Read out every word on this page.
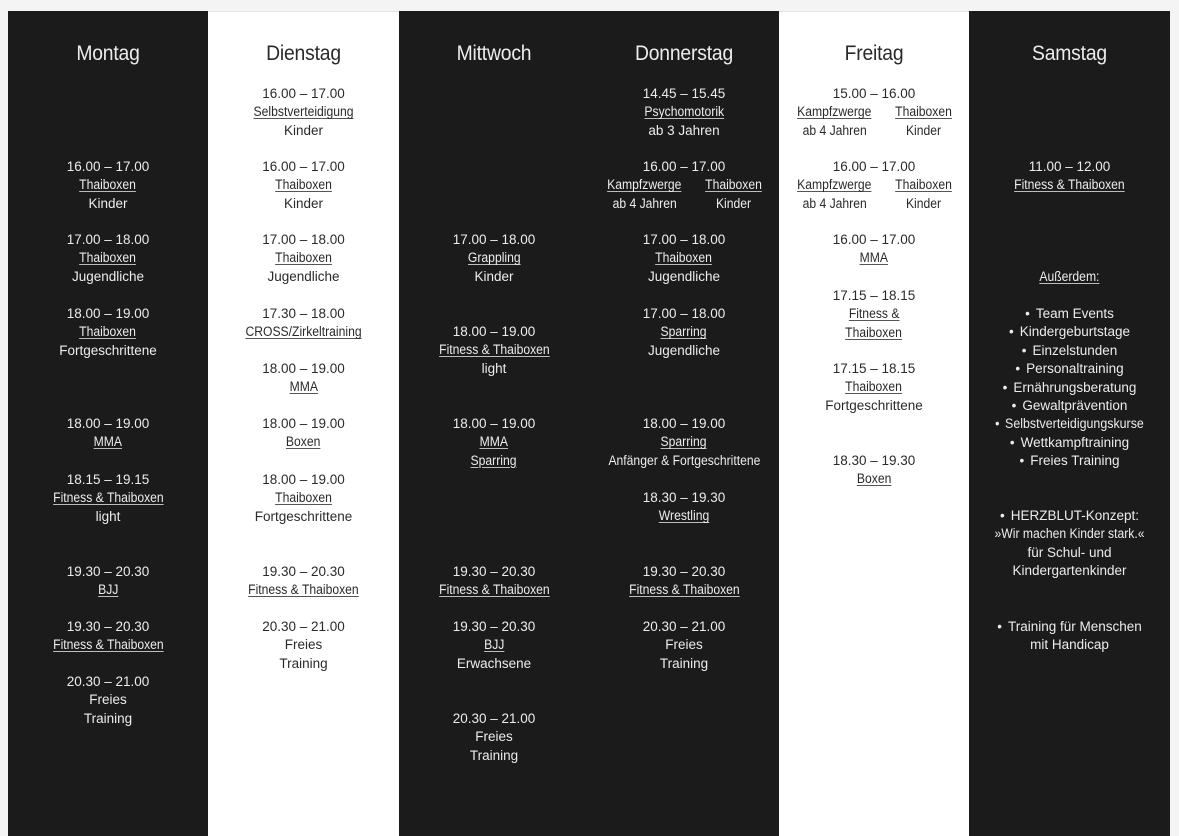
Montag
16.00 – 17.00
Thaiboxen
Kinder
17.00 – 18.00
Thaiboxen
Jugendliche
18.00 – 19.00
Thaiboxen
Fortgeschrittene
18.00 – 19.00
MMA
18.15 – 19.15
Fitness & Thaiboxen
light
19.30 – 20.30
BJJ
19.30 – 20.30
Fitness & Thaiboxen
20.30 – 21.00
Freies
Training
Dienstag
16.00 – 17.00
Selbstverteidigung
Kinder
16.00 – 17.00
Thaiboxen
Kinder
17.00 – 18.00
Thaiboxen
Jugendliche
17.30 – 18.00
CROSS/Zirkeltraining
18.00 – 19.00
MMA
18.00 – 19.00
Boxen
18.00 – 19.00
Thaiboxen
Fortgeschrittene
19.30 – 20.30
Fitness & Thaiboxen
20.30 – 21.00
Freies
Training
Mittwoch
17.00 – 18.00
Grappling
Kinder
18.00 – 19.00
Fitness & Thaiboxen
light
18.00 – 19.00
MMA
Sparring
19.30 – 20.30
Fitness & Thaiboxen
19.30 – 20.30
BJJ
Erwachsene
20.30 – 21.00
Freies
Training
Donnerstag
14.45 – 15.45
Psychomotorik
ab 3 Jahren
16.00 – 17.00
Kampfzwerge
ab 4 Jahren
Thaiboxen
Kinder
17.00 – 18.00
Thaiboxen
Jugendliche
17.00 – 18.00
Sparring
Jugendliche
18.00 – 19.00
Sparring
Anfänger & Fortgeschrittene
18.30 – 19.30
Wrestling
19.30 – 20.30
Fitness & Thaiboxen
20.30 – 21.00
Freies
Training
Freitag
15.00 – 16.00
Kampfzwerge
ab 4 Jahren
Thaiboxen
Kinder
16.00 – 17.00
Kampfzwerge
ab 4 Jahren
Thaiboxen
Kinder
16.00 – 17.00
MMA
17.15 – 18.15
Fitness &
Thaiboxen
17.15 – 18.15
Thaiboxen
Fortgeschrittene
18.30 – 19.30
Boxen
Samstag
11.00 – 12.00
Fitness & Thaiboxen
Außerdem:
• Team Events
• Kindergeburtstage
• Einzelstunden
• Personaltraining
• Ernährungsberatung
• Gewaltprävention
• Selbstverteidigungskurse
• Wettkampftraining
• Freies Training
• HERZBLUT-Konzept:
»Wir machen Kinder stark.«
für Schul- und
Kindergartenkinder
• Training für Menschen
mit Handicap
